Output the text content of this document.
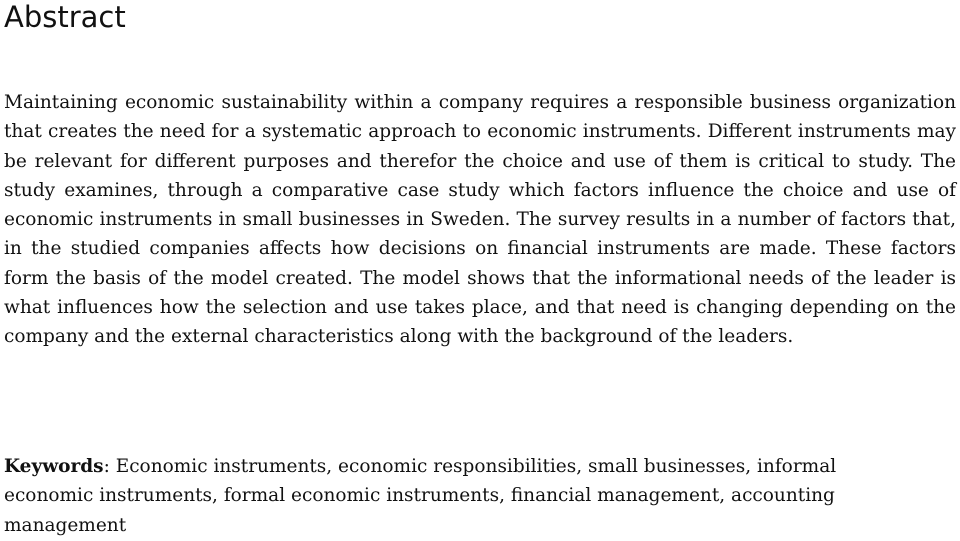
Abstract

Maintaining economic sustainability within a company requires a responsible business organization that creates the need for a systematic approach to economic instruments. Different instruments may be relevant for different purposes and therefor the choice and use of them is critical to study. The study examines, through a comparative case study which factors influence the choice and use of economic instruments in small businesses in Sweden. The survey results in a number of factors that, in the studied companies affects how decisions on financial instruments are made. These factors form the basis of the model created. The model shows that the informational needs of the leader is what influences how the selection and use takes place, and that need is changing depending on the company and the external characteristics along with the background of the leaders.

Keywords: Economic instruments, economic responsibilities, small businesses, informal economic instruments, formal economic instruments, financial management, accounting management
